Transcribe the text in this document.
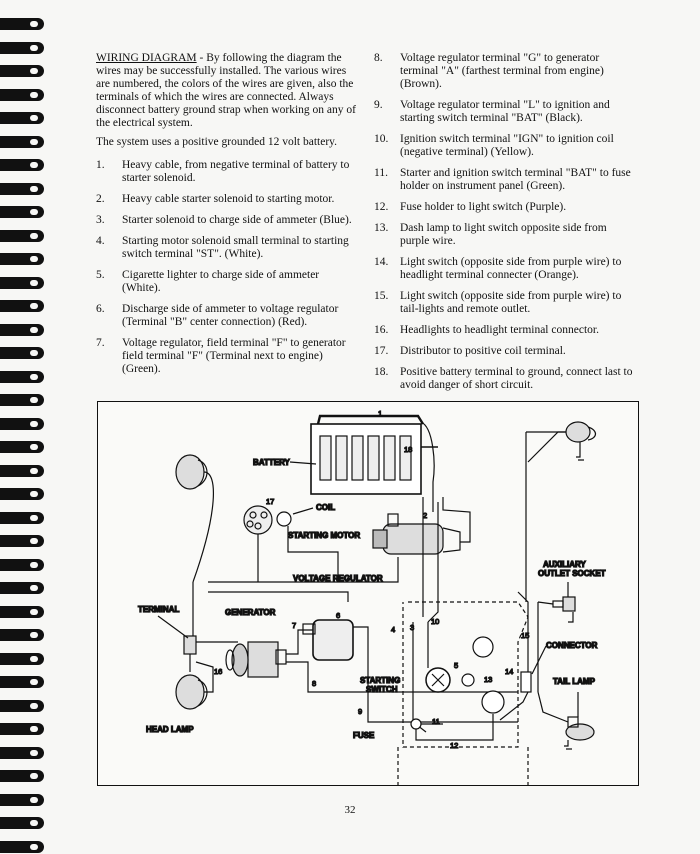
WIRING DIAGRAM - By following the diagram the wires may be successfully installed. The various wires are numbered, the colors of the wires are given, also the terminals of which the wires are connected. Always disconnect battery ground strap when working on any of the electrical system.

The system uses a positive grounded 12 volt battery.

1.	Heavy cable, from negative terminal of battery to starter solenoid.
2.	Heavy cable starter solenoid to starting motor.
3.	Starter solenoid to charge side of ammeter (Blue).
4.	Starting motor solenoid small terminal to starting switch terminal "ST". (White).
5.	Cigarette lighter to charge side of ammeter (White).
6.	Discharge side of ammeter to voltage regulator (Terminal "B" center connection) (Red).
7.	Voltage regulator, field terminal "F" to generator field terminal "F" (Terminal next to engine) (Green).
8.	Voltage regulator terminal "G" to generator terminal "A" (farthest terminal from engine) (Brown).
9.	Voltage regulator terminal "L" to ignition and starting switch terminal "BAT" (Black).
10.	Ignition switch terminal "IGN" to ignition coil (negative terminal) (Yellow).
11.	Starter and ignition switch terminal "BAT" to fuse holder on instrument panel (Green).
12.	Fuse holder to light switch (Purple).
13.	Dash lamp to light switch opposite side from purple wire.
14.	Light switch (opposite side from purple wire) to headlight terminal connecter (Orange).
15.	Light switch (opposite side from purple wire) to tail-lights and remote outlet.
16.	Headlights to headlight terminal connector.
17.	Distributor to positive coil terminal.
18.	Positive battery terminal to ground, connect last to avoid danger of short circuit.
BATTERY
COIL
STARTING MOTOR
VOLTAGE REGULATOR
GENERATOR
TERMINAL
HEAD LAMP
STARTING
SWITCH
FUSE
AUXILIARY
OUTLET SOCKET
CONNECTOR
TAIL LAMP
1
2
3
4
5
6
7
8
9
10
11
12
13
14
15
16
17
18
32
